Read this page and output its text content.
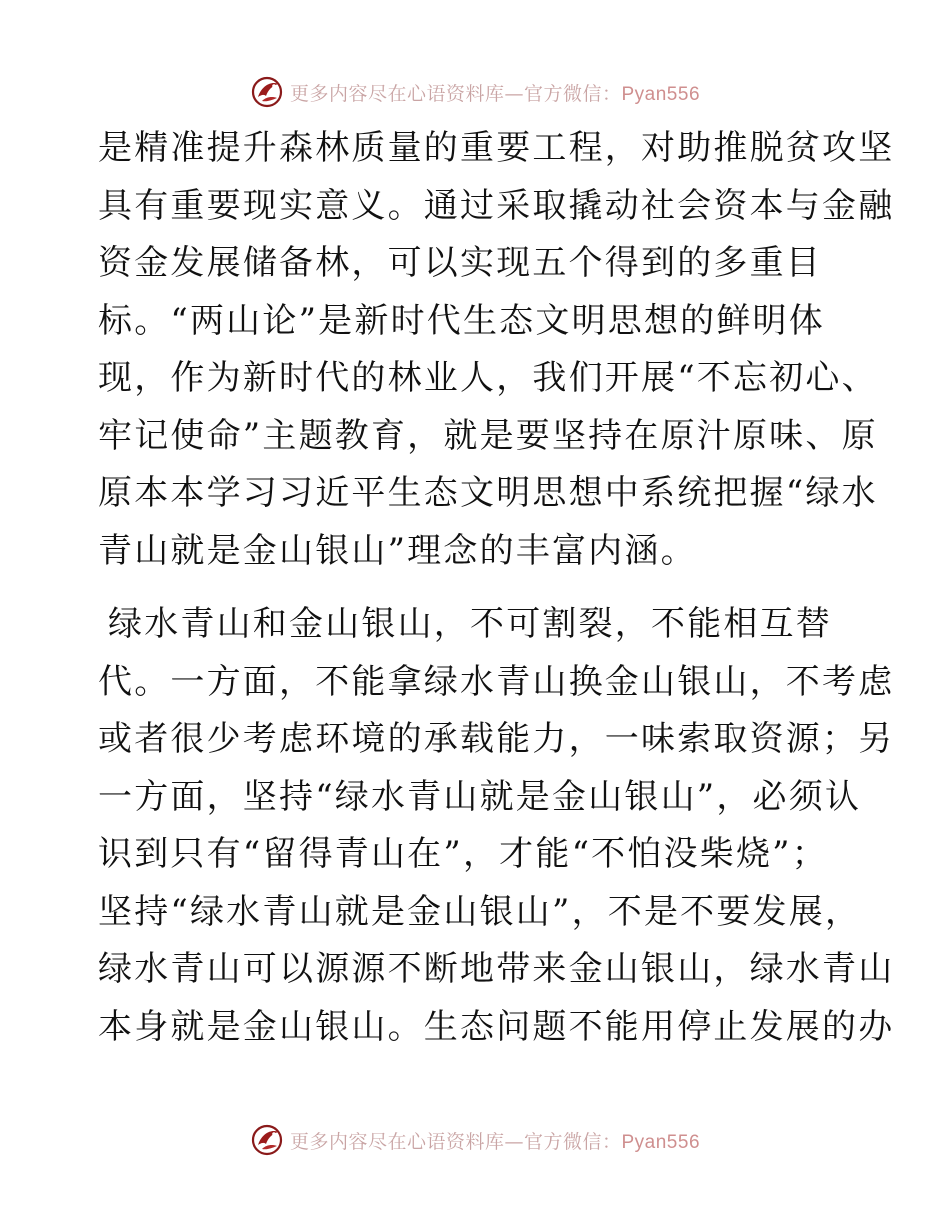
更多内容尽在心语资料库—官方微信：Pyan556
是精准提升森林质量的重要工程，对助推脱贫攻坚
具有重要现实意义。通过采取撬动社会资本与金融
资金发展储备林，可以实现五个得到的多重目
标。“两山论”是新时代生态文明思想的鲜明体
现，作为新时代的林业人，我们开展“不忘初心、
牢记使命”主题教育，就是要坚持在原汁原味、原
原本本学习习近平生态文明思想中系统把握“绿水
青山就是金山银山”理念的丰富内涵。
绿水青山和金山银山，不可割裂，不能相互替
代。一方面，不能拿绿水青山换金山银山，不考虑
或者很少考虑环境的承载能力，一味索取资源；另
一方面，坚持“绿水青山就是金山银山”，必须认
识到只有“留得青山在”，才能“不怕没柴烧”；
坚持“绿水青山就是金山银山”，不是不要发展，
绿水青山可以源源不断地带来金山银山，绿水青山
本身就是金山银山。生态问题不能用停止发展的办
更多内容尽在心语资料库—官方微信：Pyan556
